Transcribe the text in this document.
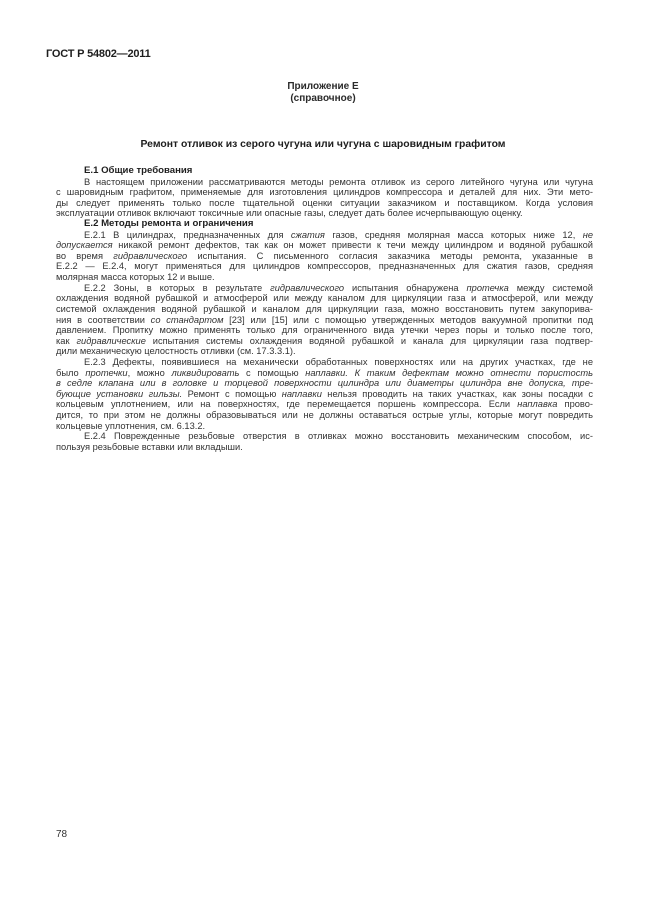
ГОСТ Р 54802—2011
Приложение Е
(справочное)
Ремонт отливок из серого чугуна или чугуна с шаровидным графитом
Е.1 Общие требования
В настоящем приложении рассматриваются методы ремонта отливок из серого литейного чугуна или чугуна
с шаровидным графитом, применяемые для изготовления цилиндров компрессора и деталей для них. Эти мето-
ды следует применять только после тщательной оценки ситуации заказчиком и поставщиком. Когда условия
эксплуатации отливок включают токсичные или опасные газы, следует дать более исчерпывающую оценку.
Е.2 Методы ремонта и ограничения
Е.2.1 В цилиндрах, предназначенных для сжатия газов, средняя молярная масса которых ниже 12, не
допускается никакой ремонт дефектов, так как он может привести к течи между цилиндром и водяной рубашкой
во время гидравлического испытания. С письменного согласия заказчика методы ремонта, указанные в
Е.2.2 — Е.2.4, могут применяться для цилиндров компрессоров, предназначенных для сжатия газов, средняя
молярная масса которых 12 и выше.
Е.2.2 Зоны, в которых в результате гидравлического испытания обнаружена протечка между системой
охлаждения водяной рубашкой и атмосферой или между каналом для циркуляции газа и атмосферой, или между
системой охлаждения водяной рубашкой и каналом для циркуляции газа, можно восстановить путем закупорива-
ния в соответствии со стандартом [23] или [15] или с помощью утвержденных методов вакуумной пропитки под
давлением. Пропитку можно применять только для ограниченного вида утечки через поры и только после того,
как гидравлические испытания системы охлаждения водяной рубашкой и канала для циркуляции газа подтвер-
дили механическую целостность отливки (см. 17.3.3.1).
Е.2.3 Дефекты, появившиеся на механически обработанных поверхностях или на других участках, где не
было протечки, можно ликвидировать с помощью наплавки. К таким дефектам можно отнести пористость
в седле клапана или в головке и торцевой поверхности цилиндра или диаметры цилиндра вне допуска, тре-
бующие установки гильзы. Ремонт с помощью наплавки нельзя проводить на таких участках, как зоны посадки с
кольцевым уплотнением, или на поверхностях, где перемещается поршень компрессора. Если наплавка прово-
дится, то при этом не должны образовываться или не должны оставаться острые углы, которые могут повредить
кольцевые уплотнения, см. 6.13.2.
Е.2.4 Поврежденные резьбовые отверстия в отливках можно восстановить механическим способом, ис-
пользуя резьбовые вставки или вкладыши.
78
